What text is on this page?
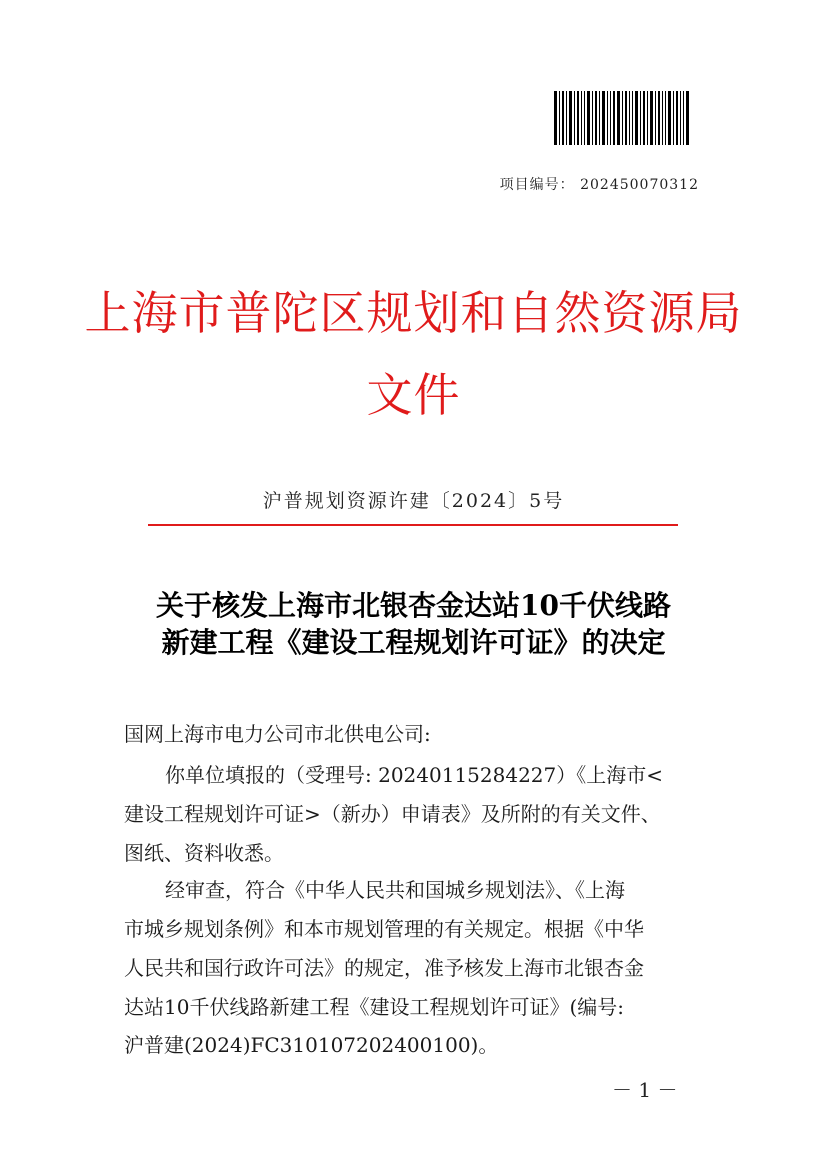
项目编号： 202450070312
上海市普陀区规划和自然资源局
文件
沪普规划资源许建〔2024〕5号
关于核发上海市北银杏金达站10千伏线路
新建工程《建设工程规划许可证》的决定
国网上海市电力公司市北供电公司:
你单位填报的（受理号: 20240115284227）《上海市<
建设工程规划许可证>（新办）申请表》及所附的有关文件、
图纸、资料收悉。
经审查，符合《中华人民共和国城乡规划法》、《上海
市城乡规划条例》和本市规划管理的有关规定。根据《中华
人民共和国行政许可法》的规定，准予核发上海市北银杏金
达站10千伏线路新建工程《建设工程规划许可证》(编号:
沪普建(2024)FC310107202400100)。
－ 1 －
